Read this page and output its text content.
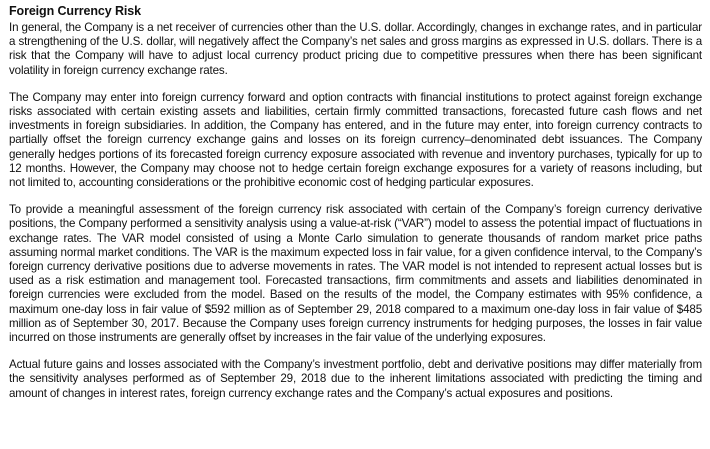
Foreign Currency Risk

In general, the Company is a net receiver of currencies other than the U.S. dollar. Accordingly, changes in exchange rates, and in particular a strengthening of the U.S. dollar, will negatively affect the Company’s net sales and gross margins as expressed in U.S. dollars. There is a risk that the Company will have to adjust local currency product pricing due to competitive pressures when there has been significant volatility in foreign currency exchange rates.

The Company may enter into foreign currency forward and option contracts with financial institutions to protect against foreign exchange risks associated with certain existing assets and liabilities, certain firmly committed transactions, forecasted future cash flows and net investments in foreign subsidiaries. In addition, the Company has entered, and in the future may enter, into foreign currency contracts to partially offset the foreign currency exchange gains and losses on its foreign currency–denominated debt issuances. The Company generally hedges portions of its forecasted foreign currency exposure associated with revenue and inventory purchases, typically for up to 12 months. However, the Company may choose not to hedge certain foreign exchange exposures for a variety of reasons including, but not limited to, accounting considerations or the prohibitive economic cost of hedging particular exposures.

To provide a meaningful assessment of the foreign currency risk associated with certain of the Company’s foreign currency derivative positions, the Company performed a sensitivity analysis using a value-at-risk (“VAR”) model to assess the potential impact of fluctuations in exchange rates. The VAR model consisted of using a Monte Carlo simulation to generate thousands of random market price paths assuming normal market conditions. The VAR is the maximum expected loss in fair value, for a given confidence interval, to the Company’s foreign currency derivative positions due to adverse movements in rates. The VAR model is not intended to represent actual losses but is used as a risk estimation and management tool. Forecasted transactions, firm commitments and assets and liabilities denominated in foreign currencies were excluded from the model. Based on the results of the model, the Company estimates with 95% confidence, a maximum one-day loss in fair value of $592 million as of September 29, 2018 compared to a maximum one-day loss in fair value of $485 million as of September 30, 2017. Because the Company uses foreign currency instruments for hedging purposes, the losses in fair value incurred on those instruments are generally offset by increases in the fair value of the underlying exposures.

Actual future gains and losses associated with the Company’s investment portfolio, debt and derivative positions may differ materially from the sensitivity analyses performed as of September 29, 2018 due to the inherent limitations associated with predicting the timing and amount of changes in interest rates, foreign currency exchange rates and the Company’s actual exposures and positions.
